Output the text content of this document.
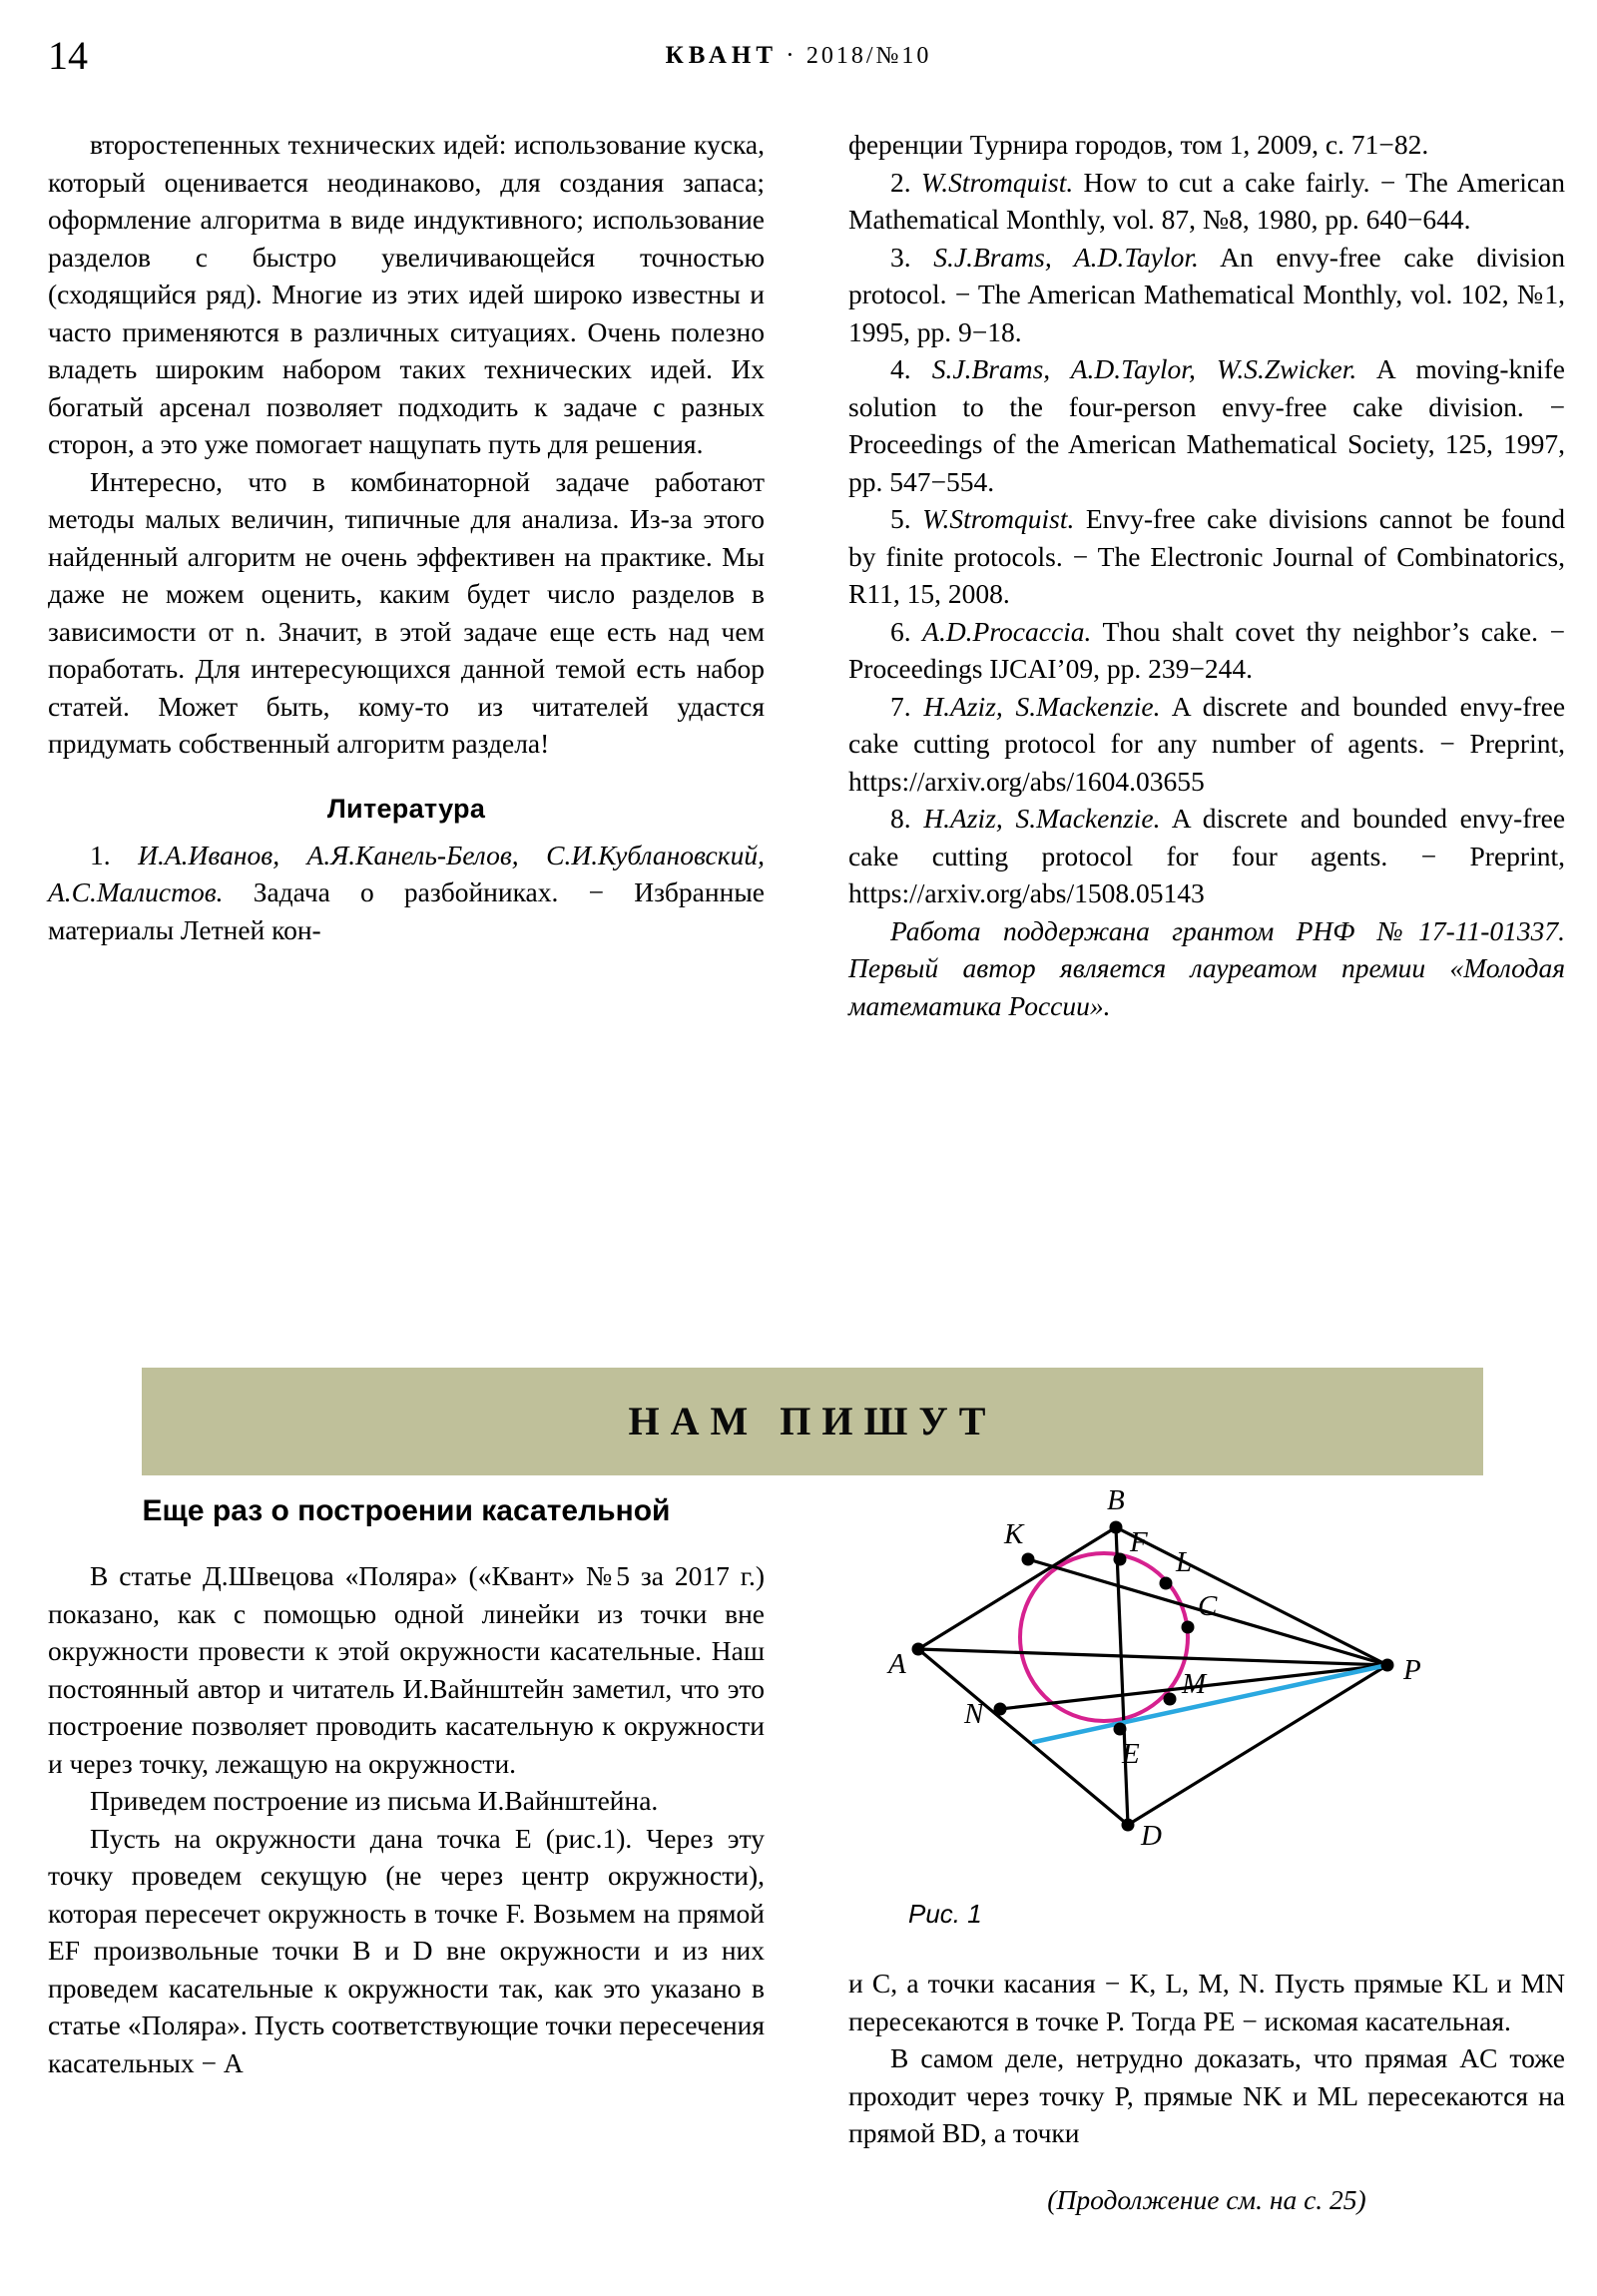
14	КВАНТ · 2018/№10

второстепенных технических идей: использование куска, который оценивается неодинаково, для создания запаса; оформление алгоритма в виде индуктивного; использование разделов с быстро увеличивающейся точностью (сходящийся ряд). Многие из этих идей широко известны и часто применяются в различных ситуациях. Очень полезно владеть широким набором таких технических идей. Их богатый арсенал позволяет подходить к задаче с разных сторон, а это уже помогает нащупать путь для решения.

Интересно, что в комбинаторной задаче работают методы малых величин, типичные для анализа. Из-за этого найденный алгоритм не очень эффективен на практике. Мы даже не можем оценить, каким будет число разделов в зависимости от n. Значит, в этой задаче еще есть над чем поработать. Для интересующихся данной темой есть набор статей. Может быть, кому-то из читателей удастся придумать собственный алгоритм раздела!

Литература

1. И.А.Иванов, А.Я.Канель-Белов, С.И.Кублановский, А.С.Малистов. Задача о разбойниках. − Избранные материалы Летней кон-

ференции Турнира городов, том 1, 2009, с. 71−82.

2. W.Stromquist. How to cut a cake fairly. − The American Mathematical Monthly, vol. 87, №8, 1980, pp. 640−644.

3. S.J.Brams, A.D.Taylor. An envy-free cake division protocol. − The American Mathematical Monthly, vol. 102, №1, 1995, pp. 9−18.

4. S.J.Brams, A.D.Taylor, W.S.Zwicker. A moving-knife solution to the four-person envy-free cake division. − Proceedings of the American Mathematical Society, 125, 1997, pp. 547−554.

5. W.Stromquist. Envy-free cake divisions cannot be found by finite protocols. − The Electronic Journal of Combinatorics, R11, 15, 2008.

6. A.D.Procaccia. Thou shalt covet thy neighbor’s cake. − Proceedings IJCAI’09, pp. 239−244.

7. H.Aziz, S.Mackenzie. A discrete and bounded envy-free cake cutting protocol for any number of agents. − Preprint, https://arxiv.org/abs/1604.03655

8. H.Aziz, S.Mackenzie. A discrete and bounded envy-free cake cutting protocol for four agents. − Preprint, https://arxiv.org/abs/1508.05143

Работа поддержана грантом РНФ №17-11-01337. Первый автор является лауреатом премии «Молодая математика России».

НАМ ПИШУТ
Еще раз о построении касательной

В статье Д.Швецова «Поляра» («Квант» №5 за 2017 г.) показано, как с помощью одной линейки из точки вне окружности провести к этой окружности касательные. Наш постоянный автор и читатель И.Вайнштейн заметил, что это построение позволяет проводить касательную к окружности и через точку, лежащую на окружности.

Приведем построение из письма И.Вайнштейна.

Пусть на окружности дана точка E (рис.1). Через эту точку проведем секущую (не через центр окружности), которая пересечет окружность в точке F. Возьмем на прямой EF произвольные точки B и D вне окружности и из них проведем касательные к окружности так, как это указано в статье «Поляра». Пусть соответствующие точки пересечения касательных − A

A
B
K	F
L
C
M
N
E
P
D
Рис. 1

и C, а точки касания − K, L, M, N. Пусть прямые KL и MN пересекаются в точке P. Тогда PE − искомая касательная.

В самом деле, нетрудно доказать, что прямая AC тоже проходит через точку P, прямые NK и ML пересекаются на прямой BD, а точки

(Продолжение см. на с. 25)
